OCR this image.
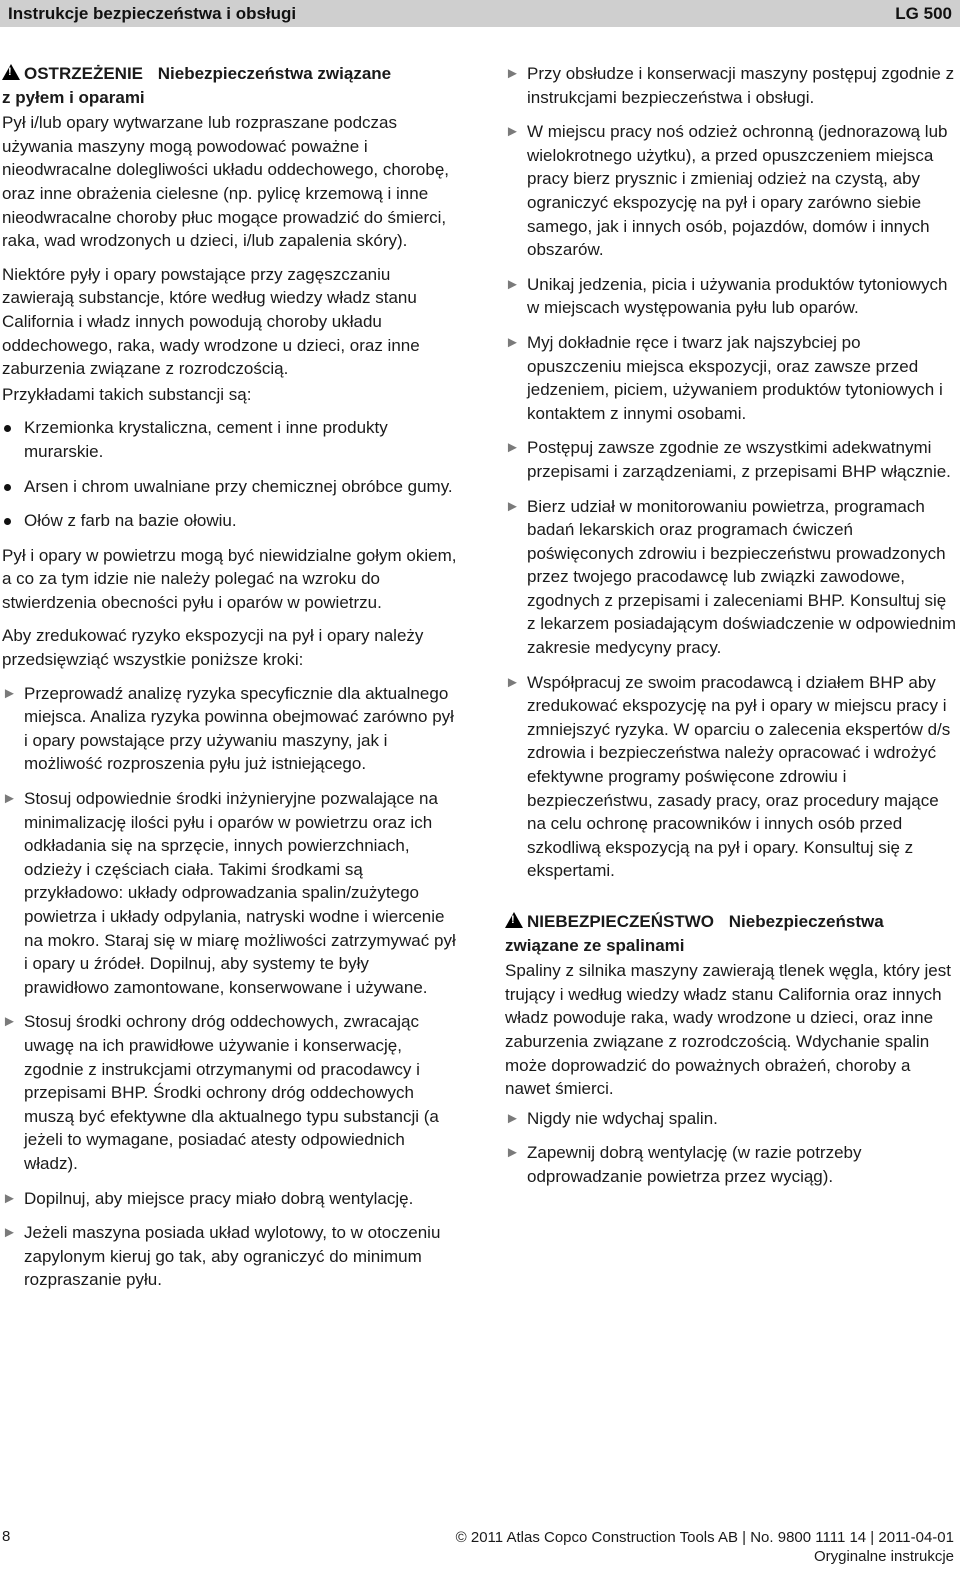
Instrukcje bezpieczeństwa i obsługi	LG 500
!OSTRZEŻENIE Niebezpieczeństwa związane
z pyłem i oparami

Pył i/lub opary wytwarzane lub rozpraszane podczas używania maszyny mogą powodować poważne i nieodwracalne dolegliwości układu oddechowego, chorobę, oraz inne obrażenia cielesne (np. pylicę krzemową i inne nieodwracalne choroby płuc mogące prowadzić do śmierci, raka, wad wrodzonych u dzieci, i/lub zapalenia skóry).

Niektóre pyły i opary powstające przy zagęszczaniu zawierają substancje, które według wiedzy władz stanu California i władz innych powodują choroby układu oddechowego, raka, wady wrodzone u dzieci, oraz inne zaburzenia związane z rozrodczością.

Przykładami takich substancji są:

Krzemionka krystaliczna, cement i inne produkty murarskie.
Arsen i chrom uwalniane przy chemicznej obróbce gumy.
Ołów z farb na bazie ołowiu.

Pył i opary w powietrzu mogą być niewidzialne gołym okiem, a co za tym idzie nie należy polegać na wzroku do stwierdzenia obecności pyłu i oparów w powietrzu.

Aby zredukować ryzyko ekspozycji na pył i opary należy przedsięwziąć wszystkie poniższe kroki:

► Przeprowadź analizę ryzyka specyficznie dla aktualnego miejsca. Analiza ryzyka powinna obejmować zarówno pył i opary powstające przy używaniu maszyny, jak i możliwość rozproszenia pyłu już istniejącego.
► Stosuj odpowiednie środki inżynieryjne pozwalające na minimalizację ilości pyłu i oparów w powietrzu oraz ich odkładania się na sprzęcie, innych powierzchniach, odzieży i częściach ciała. Takimi środkami są przykładowo: układy odprowadzania spalin/zużytego powietrza i układy odpylania, natryski wodne i wiercenie na mokro. Staraj się w miarę możliwości zatrzymywać pył i opary u źródeł. Dopilnuj, aby systemy te były prawidłowo zamontowane, konserwowane i używane.
► Stosuj środki ochrony dróg oddechowych, zwracając uwagę na ich prawidłowe używanie i konserwację, zgodnie z instrukcjami otrzymanymi od pracodawcy i przepisami BHP. Środki ochrony dróg oddechowych muszą być efektywne dla aktualnego typu substancji (a jeżeli to wymagane, posiadać atesty odpowiednich władz).
► Dopilnuj, aby miejsce pracy miało dobrą wentylację.
► Jeżeli maszyna posiada układ wylotowy, to w otoczeniu zapylonym kieruj go tak, aby ograniczyć do minimum rozpraszanie pyłu.
► Przy obsłudze i konserwacji maszyny postępuj zgodnie z instrukcjami bezpieczeństwa i obsługi.
► W miejscu pracy noś odzież ochronną (jednorazową lub wielokrotnego użytku), a przed opuszczeniem miejsca pracy bierz prysznic i zmieniaj odzież na czystą, aby ograniczyć ekspozycję na pył i opary zarówno siebie samego, jak i innych osób, pojazdów, domów i innych obszarów.
► Unikaj jedzenia, picia i używania produktów tytoniowych w miejscach występowania pyłu lub oparów.
► Myj dokładnie ręce i twarz jak najszybciej po opuszczeniu miejsca ekspozycji, oraz zawsze przed jedzeniem, piciem, używaniem produktów tytoniowych i kontaktem z innymi osobami.
► Postępuj zawsze zgodnie ze wszystkimi adekwatnymi przepisami i zarządzeniami, z przepisami BHP włącznie.
► Bierz udział w monitorowaniu powietrza, programach badań lekarskich oraz programach ćwiczeń poświęconych zdrowiu i bezpieczeństwu prowadzonych przez twojego pracodawcę lub związki zawodowe, zgodnych z przepisami i zaleceniami BHP. Konsultuj się z lekarzem posiadającym doświadczenie w odpowiednim zakresie medycyny pracy.
► Współpracuj ze swoim pracodawcą i działem BHP aby zredukować ekspozycję na pył i opary w miejscu pracy i zmniejszyć ryzyka. W oparciu o zalecenia ekspertów d/s zdrowia i bezpieczeństwa należy opracować i wdrożyć efektywne programy poświęcone zdrowiu i bezpieczeństwu, zasady pracy, oraz procedury mające na celu ochronę pracowników i innych osób przed szkodliwą ekspozycją na pył i opary. Konsultuj się z ekspertami.
!NIEBEZPIECZEŃSTWO Niebezpieczeństwa
związane ze spalinami

Spaliny z silnika maszyny zawierają tlenek węgla, który jest trujący i według wiedzy władz stanu California oraz innych władz powoduje raka, wady wrodzone u dzieci, oraz inne zaburzenia związane z rozrodczością. Wdychanie spalin może doprowadzić do poważnych obrażeń, choroby a nawet śmierci.

► Nigdy nie wdychaj spalin.
► Zapewnij dobrą wentylację (w razie potrzeby odprowadzanie powietrza przez wyciąg).
8	© 2011 Atlas Copco Construction Tools AB | No. 9800 1111 14 | 2011-04-01
Oryginalne instrukcje
